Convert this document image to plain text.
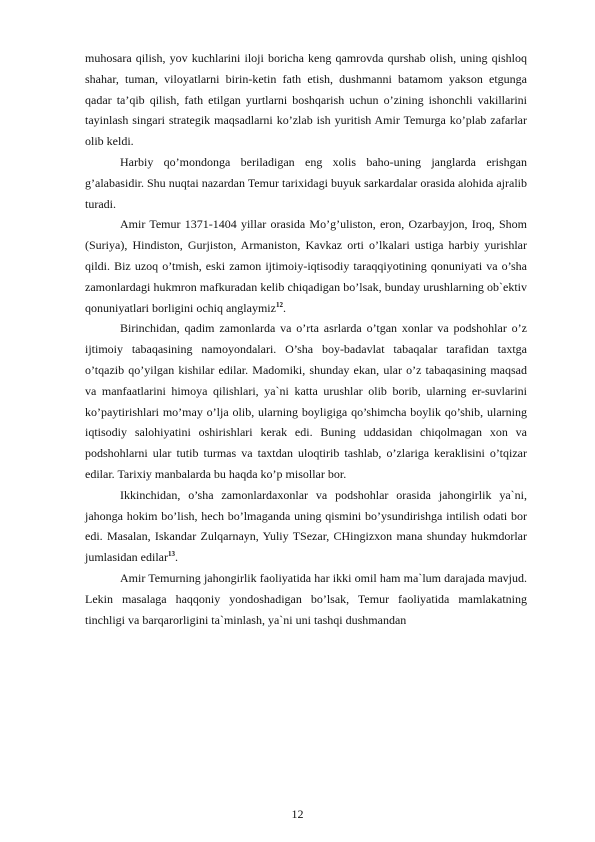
muhosara qilish, yov kuchlarini iloji boricha keng qamrovda qurshab olish, uning qishloq shahar, tuman, viloyatlarni birin-ketin fath etish, dushmanni batamom yakson etgunga qadar ta’qib qilish, fath etilgan yurtlarni boshqarish uchun o’zining ishonchli vakillarini tayinlash singari strategik maqsadlarni ko’zlab ish yuritish Amir Temurga ko’plab zafarlar olib keldi.

Harbiy qo’mondonga beriladigan eng xolis baho-uning janglarda erishgan g’alabasidir. Shu nuqtai nazardan Temur tarixidagi buyuk sarkardalar orasida alohida ajralib turadi.

Amir Temur 1371-1404 yillar orasida Mo’g’uliston, eron, Ozarbayjon, Iroq, Shom (Suriya), Hindiston, Gurjiston, Armaniston, Kavkaz orti o’lkalari ustiga harbiy yurishlar qildi. Biz uzoq o’tmish, eski zamon ijtimoiy-iqtisodiy taraqqiyotining qonuniyati va o’sha zamonlardagi hukmron mafkuradan kelib chiqadigan bo’lsak, bunday urushlarning ob`ektiv qonuniyatlari borligini ochiq anglaymiz$^{12}$.

Birinchidan, qadim zamonlarda va o’rta asrlarda o’tgan xonlar va podshohlar o’z ijtimoiy tabaqasining namoyondalari. O’sha boy-badavlat tabaqalar tarafidan taxtga o’tqazib qo’yilgan kishilar edilar. Madomiki, shunday ekan, ular o’z tabaqasining maqsad va manfaatlarini himoya qilishlari, ya`ni katta urushlar olib borib, ularning er-suvlarini ko’paytirishlari mo’may o’lja olib, ularning boyligiga qo’shimcha boylik qo’shib, ularning iqtisodiy salohiyatini oshirishlari kerak edi. Buning uddasidan chiqolmagan xon va podshohlarni ular tutib turmas va taxtdan uloqtirib tashlab, o’zlariga keraklisini o’tqizar edilar. Tarixiy manbalarda bu haqda ko’p misollar bor.

Ikkinchidan, o’sha zamonlardaxonlar va podshohlar orasida jahongirlik ya`ni, jahonga hokim bo’lish, hech bo’lmaganda uning qismini bo’ysundirishga intilish odati bor edi. Masalan, Iskandar Zulqarnayn, Yuliy TSezar, CHingizxon mana shunday hukmdorlar jumlasidan edilar$^{13}$.

Amir Temurning jahongirlik faoliyatida har ikki omil ham ma`lum darajada mavjud. Lekin masalaga haqqoniy yondoshadigan bo’lsak, Temur faoliyatida mamlakatning tinchligi va barqarorligini ta`minlash, ya`ni uni tashqi dushmandan

12
